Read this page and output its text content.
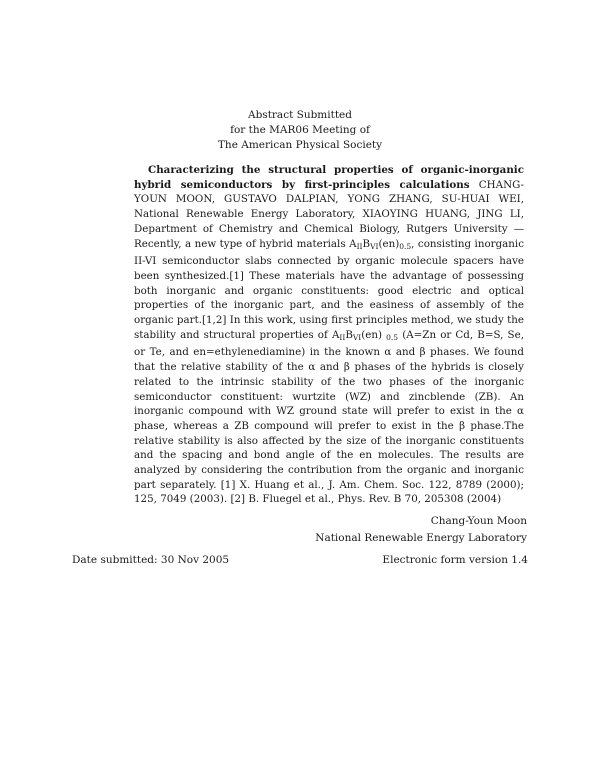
Abstract Submitted
for the MAR06 Meeting of
The American Physical Society
Characterizing the structural properties of organic-inorganic hybrid semiconductors by first-principles calculations CHANG-YOUN MOON, GUSTAVO DALPIAN, YONG ZHANG, SU-HUAI WEI, National Renewable Energy Laboratory, XIAOYING HUANG, JING LI, Department of Chemistry and Chemical Biology, Rutgers University — Recently, a new type of hybrid materials AIIBVI(en)0.5, consisting inorganic II-VI semiconductor slabs connected by organic molecule spacers have been synthesized.[1] These materials have the advantage of possessing both inorganic and organic constituents: good electric and optical properties of the inorganic part, and the easiness of assembly of the organic part.[1,2] In this work, using first principles method, we study the stability and structural properties of AIIBVI(en) 0.5 (A=Zn or Cd, B=S, Se, or Te, and en=ethylenediamine) in the known α and β phases. We found that the relative stability of the α and β phases of the hybrids is closely related to the intrinsic stability of the two phases of the inorganic semiconductor constituent: wurtzite (WZ) and zincblende (ZB). An inorganic compound with WZ ground state will prefer to exist in the α phase, whereas a ZB compound will prefer to exist in the β phase.The relative stability is also affected by the size of the inorganic constituents and the spacing and bond angle of the en molecules. The results are analyzed by considering the contribution from the organic and inorganic part separately. [1] X. Huang et al., J. Am. Chem. Soc. 122, 8789 (2000); 125, 7049 (2003). [2] B. Fluegel et al., Phys. Rev. B 70, 205308 (2004)
Chang-Youn Moon
National Renewable Energy Laboratory
Date submitted: 30 Nov 2005	Electronic form version 1.4
